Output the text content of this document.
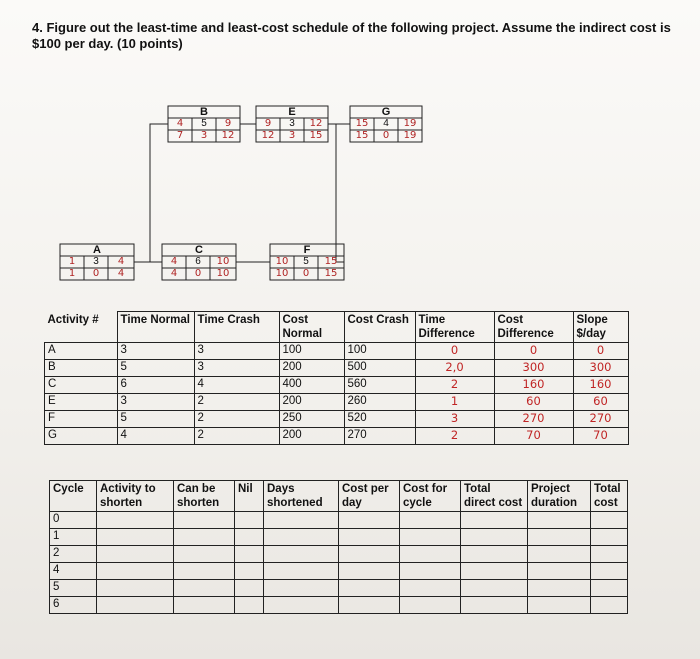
4. Figure out the least-time and least-cost schedule of the following project. Assume the indirect cost is $100 per day. (10 points)
B	E	G
A	C	F
4	5	9
7	3	12
9	3	12
12	3	15
15	4	19
15	0	19
1	3	4
1	0	4
4	6	10
4	0	10
10	5	15
10	0	15
Activity #	Time Normal	Time Crash	Cost Normal	Cost Crash	Time Difference	Cost Difference	Slope $/day
A	3	3	100	100	0	0	0
B	5	3	200	500	2,0	300	300
C	6	4	400	560	2	160	160
E	3	2	200	260	1	60	60
F	5	2	250	520	3	270	270
G	4	2	200	270	2	70	70
Cycle	Activity to shorten	Can be shorten	Nil	Days shortened	Cost per day	Cost for cycle	Total direct cost	Project duration	Total cost
0									
1									
2									
4									
5									
6									
